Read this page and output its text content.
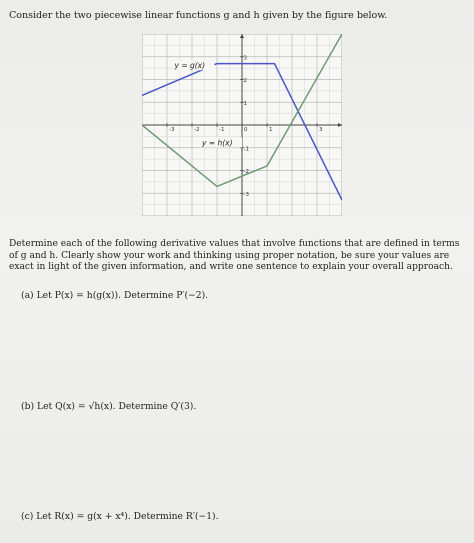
Consider the two piecewise linear functions g and h given by the figure below.
-3	-2	-1	0	1	3
3
2
1
-1
-2
-3
y = g(x)
y = h(x)
Determine each of the following derivative values that involve functions that are defined in terms of g and h. Clearly show your work and thinking using proper notation, be sure your values are exact in light of the given information, and write one sentence to explain your overall approach.
(a) Let P(x) = h(g(x)). Determine P′(−2).
(b) Let Q(x) = √h(x). Determine Q′(3).
(c) Let R(x) = g(x + x⁴). Determine R′(−1).
